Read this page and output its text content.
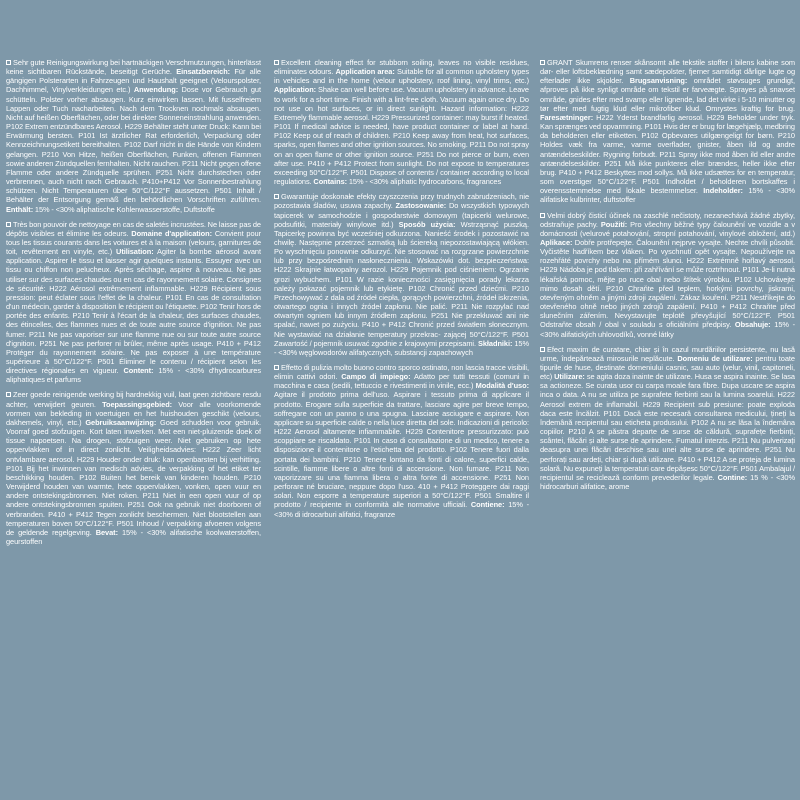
Sehr gute Reinigungswirkung bei hartnäckigen Verschmutzungen, hinterlässt keine sichtbaren Rückstände, beseitigt Gerüche. Einsatzbereich: Für alle gängigen Polsterarten in Fahrzeugen und Haushalt geeignet (Velourspolster, Dachhimmel, Vinylverkleidungen etc.) Anwendung: Dose vor Gebrauch gut schütteln. Polster vorher absaugen. Kurz einwirken lassen. Mit fusselfreiem Lappen oder Tuch nacharbeiten. Nach dem Trocknen nochmals absaugen. Nicht auf heißen Oberflächen, oder bei direkter Sonneneinstrahlung anwenden. P102 Extrem entzündbares Aerosol. H229 Behälter steht unter Druck: Kann bei Erwärmung bersten. P101 Ist ärztlicher Rat erforderlich, Verpackung oder Kennzeichnungsetikett bereithalten. P102 Darf nicht in die Hände von Kindern gelangen. P210 Von Hitze, heißen Oberflächen, Funken, offenen Flammen sowie anderen Zündquellen fernhalten. Nicht rauchen. P211 Nicht gegen offene Flamme oder andere Zündquelle sprühen. P251 Nicht durchstechen oder verbrennen, auch nicht nach Gebrauch. P410+P412 Vor Sonnenbestrahlung schützen. Nicht Temperaturen über 50°C/122°F aussetzen. P501 Inhalt / Behälter der Entsorgung gemäß den behördlichen Vorschriften zuführen. Enthält: 15% - <30% aliphatische Kohlenwasserstoffe, Duftstoffe
Très bon pouvoir de nettoyage en cas de saletés incrustées. Ne laisse pas de dépôts visibles et élimine les odeurs. Domaine d'application: Convient pour tous les tissus courants dans les voitures et à la maison (velours, garnitures de toit, revêtement en vinyle, etc.) Utilisation: Agiter la bombe aérosol avant application. Aspirer le tissu et laisser agir quelques instants. Essuyer avec un tissu ou chiffon non pelucheux. Après séchage, aspirer à nouveau. Ne pas utiliser sur des surfaces chaudes ou en cas de rayonnement solaire. Consignes de sécurité: H222 Aérosol extrêmement inflammable. H229 Récipient sous pression: peut éclater sous l'effet de la chaleur. P101 En cas de consultation d'un médecin, garder à disposition le récipient ou l'étiquette. P102 Tenir hors de portée des enfants. P210 Tenir à l'écart de la chaleur, des surfaces chaudes, des étincelles, des flammes nues et de toute autre source d'ignition. Ne pas fumer. P211 Ne pas vaporiser sur une flamme nue ou sur toute autre source d'ignition. P251 Ne pas perforer ni brûler, même après usage. P410 + P412 Protéger du rayonnement solaire. Ne pas exposer à une température supérieure à 50°C/122°F. P501 Éliminer le contenu / récipient selon les directives régionales en vigueur. Content: 15% - <30% d'hydrocarbures aliphatiques et parfums
Zeer goede reinigende werking bij hardnekkig vuil, laat geen zichtbare resdu achter, verwijdert geuren. Toepassingsgebied: Voor alle voorkomende vormen van bekleding in voertuigen en het huishouden geschikt (velours, dakhemels, vinyl, etc.) Gebruiksaanwijzing: Goed schudden voor gebruik. Voorraf goed stofzuigen. Kort laten inwerken. Met een niet-pluizende doek of tissue napoetsen. Na drogen, stofzuigen weer. Niet gebruiken op hete oppervlakken of in direct zonlicht. Veiligheidsadvies: H222 Zeer licht ontvlambare aerosol. H229 Houder onder druk: kan openbarsten bij verhitting. P101 Bij het inwinnen van medisch advies, de verpakking of het etiket ter beschikking houden. P102 Buiten het bereik van kinderen houden. P210 Verwijderd houden van warmte, hete oppervlakken, vonken, open vuur en andere ontstekingsbronnen. Niet roken. P211 Niet in een open vuur of op andere ontstekingsbronnen spuiten. P251 Ook na gebruik niet doorboren of verbranden. P410 + P412 Tegen zonlicht beschermen. Niet blootstellen aan temperaturen boven 50°C/122°F. P501 Inhoud / verpakking afvoeren volgens de geldende regelgeving. Bevat: 15% - <30% alifatische koolwaterstoffen, geurstoffen
Excellent cleaning effect for stubborn soiling, leaves no visible residues, eliminates odours. Application area: Suitable for all common upholstery types in vehicles and in the home (velour upholstery, roof lining, vinyl trims, etc.) Application: Shake can well before use. Vacuum upholstery in advance. Leave to work for a short time. Finish with a lint-free cloth. Vacuum again once dry. Do not use on hot surfaces, or in direct sunlight. Hazard information: H222 Extremely flammable aerosol. H229 Pressurized container: may burst if heated. P101 If medical advice is needed, have product container or label at hand. P102 Keep out of reach of children. P210 Keep away from heat, hot surfaces, sparks, open flames and other ignition sources. No smoking. P211 Do not spray on an open flame or other ignition source. P251 Do not pierce or burn, even after use. P410 + P412 Protect from sunlight. Do not expose to temperatures exceeding 50°C/122°F. P501 Dispose of contents / container according to local regulations. Contains: 15% - <30% aliphatic hydrocarbons, fragrances
Gwarantuje doskonałe efekty czyszczenia przy trudnych zabrudzeniach, nie pozostawia śladów, usuwa zapachy. Zastosowanie: Do wszystkich typowych tapicerek w samochodzie i gospodarstwie domowym (tapicerki welurowe, podsufitki, materiały winylowe itd.) Sposób użycia: Wstrząsnąć puszką. Tapicerkę powinna być wcześniej odkurzona. Nanieść środek i pozostawić na chwilę. Następnie przetrzeć szmatką lub ściereką niepozostawiającą włókien. Po wyschnięciu ponownie odkurzyć. Nie stosować na rozgrzane powierzchnie lub przy bezpośrednim nasłonecznieniu. Wskazówki dot. bezpieczeństwa: H222 Skrajnie łatwopalny aerozol. H229 Pojemnik pod ciśnieniem: Ogrzanie grozi wybuchem. P101 W razie konieczności zasięgnięcia porady lekarza należy pokazać pojemnik lub etykietę. P102 Chronić przed dziećmi. P210 Przechowywać z dala od źródeł ciepła, gorących powierzchni, źródeł iskrzenia, otwartego ognia i innych źródeł zapłonu. Nie palić. P211 Nie rozpylać nad otwartym ogniem lub innym źródłem zapłonu. P251 Nie przekłuwać ani nie spalać, nawet po zużyciu. P410 + P412 Chronić przed światłem słonecznym. Nie wystawiać na działanie temperatury przekrac- zającej 50°C/122°F. P501 Zawartość / pojemnik usuwać zgodnie z krajowymi przepisami. Składniki: 15% - <30% węglowodorów alifatycznych, substancji zapachowych
Effetto di pulizia molto buono contro sporco ostinato, non lascia tracce visibili, elimin cattivi odori. Campo di impiego: Adatto per tutti tessuti (comuni in macchina e casa (sedili, tettuccio e rivestimenti in vinile, ecc.) Modalità d'uso: Agitare il prodotto prima dell'uso. Aspirare i tessuto prima di applicare il prodotto. Erogare sulla superficie da trattare, lasciare agire per breve tempo, soffregare con un panno o una spugna. Lasciare asciugare e aspirare. Non applicare su superficie calde o nella luce diretta del sole. Indicazioni di pericolo: H222 Aerosol altamente infiammabile. H229 Contenitore pressurizzato: può scoppiare se riscaldato. P101 In caso di consultazione di un medico, tenere a disposizione il contenitore o l'etichetta del prodotto. P102 Tenere fuori dalla portata dei bambini. P210 Tenere lontano da fonti di calore, superfici calde, scintille, fiamme libere o altre fonti di accensione. Non fumare. P211 Non vaporizzare su una fiamma libera o altra fonte di accensione. P251 Non perforare né bruciare, neppure dopo l'uso. 410 + P412 Proteggere dai raggi solari. Non esporre a temperature superiori a 50°C/122°F. P501 Smaltire il prodotto / recipiente in conformità alle normative ufficiali. Contiene: 15% - <30% di idrocarburi alifatici, fragranze
GRANT Skumrens renser skånsomt alle tekstile stoffer i bilens kabine som dør- eller loftsbeklædning samt sædepolster, fjerner samtidigt dårlige lugte og efterlader ikke skjolder. Brugsanvisning: området støvsuges grundigt, afproves på ikke synligt område om tekstil er farveægte. Sprayes på snavset område, gnides efter med svamp eller lignende, lad det virke i 5-10 minutter og tør efter med fugtig klud eller mikrofiber klud. Omrystes kraftig for brug. Faresætninger: H222 Yderst brandfarlig aerosol. H229 Beholder under tryk. Kan sprænges ved opvarmning. P101 Hvis der er brug for lægehjælp, medbring da beholderen eller etiketten. P102 Opbevares utilgængeligt for børn. P210 Holdes væk fra varme, varme overflader, gnister, åben ild og andre antændelseskilder. Rygning forbudt. P211 Spray ikke mod åben ild eller andre antændelseskilder. P251 Må ikke punkteres eller brændes, heller ikke efter brug. P410 + P412 Beskyttes mod sollys. Må ikke udsættes for en temperatur, som overstiger 50°C/122°F. P501 Indholdet / beholderen bortskaffes i overensstemmelse med lokale bestemmelser. Indeholder: 15% - <30% alifatiske kulbrinter, duftstoffer
Velmi dobrý čisticí účinek na zaschlé nečistoty, nezanechává žádné zbytky, odstraňuje pachy. Použití: Pro všechny běžné typy čalounění ve vozidle a v domácnosti (velurové potahování, stropní potahování, vinylové obložení, atd.) Aplikace: Dobře protřepejte. Čalounění nejprve vysajte. Nechte chvíli působit. Vyčistěte hadříkem bez vláken. Po vyschnutí opět vysajte. Nepoužívejte na rozehřáté povrchy nebo na přímém slunci. H222 Extrémně hořlavý aerosol. H229 Nádoba je pod tlakem: při zahřívání se může roztrhnout. P101 Je-li nutná lékařská pomoc, mějte po ruce obal nebo štítek výrobku. P102 Uchovávejte mimo dosah dětí. P210 Chraňte před teplem, horkými povrchy, jiskrami, otevřeným ohněm a jinými zdroji zapálení. Zákaz kouření. P211 Nestříkejte do otevřeného ohně nebo jiných zdrojů zapálení. P410 + P412 Chraňte před slunečním zářením. Nevystavujte teplotě převyšující 50°C/122°F. P501 Odstraňte obsah / obal v souladu s oficiálními předpisy. Obsahuje: 15% - <30% alifatických uhlovodíků, vonné látky
Efect maxim de curatare, chiar și în cazul murdăriilor persistente, nu lasă urme, îndepărtează mirosurile neplăcute. Domeniu de utilizare: pentru toate tipurile de huse, destinate domeniului casnic, sau auto (velur, vinil, capitoneli, etc) Utilizare: se agita doza inainte de utilizare. Husa se aspira inainte. Se lasa sa actioneze. Se curata usor cu carpa moale fara fibre. Dupa uscare se aspira inca o data. A nu se utiliza pe suprafete fierbinti sau la lumina soarelui. H222 Aerosol extrem de inflamabil. H229 Recipient sub presiune: poate exploda daca este încălzit. P101 Dacă este necesară consultarea medicului, țineți la îndemână recipientul sau eticheta produsului. P102 A nu se lăsa la îndemâna copiilor. P210 A se păstra departe de surse de căldură, suprafețe fierbinți, scântei, flăcări și alte surse de aprindere. Fumatul interzis. P211 Nu pulverizați deasupra unei flăcări deschise sau unei alte surse de aprindere. P251 Nu perforați sau ardeți, chiar și după utilizare. P410 + P412 A se proteja de lumina solară. Nu expuneți la temperaturi care depășesc 50°C/122°F. P501 Ambalajul / recipientul se reciclează conform prevederilor legale. Contine: 15 % - <30% hidrocarburi alifatice, arome
